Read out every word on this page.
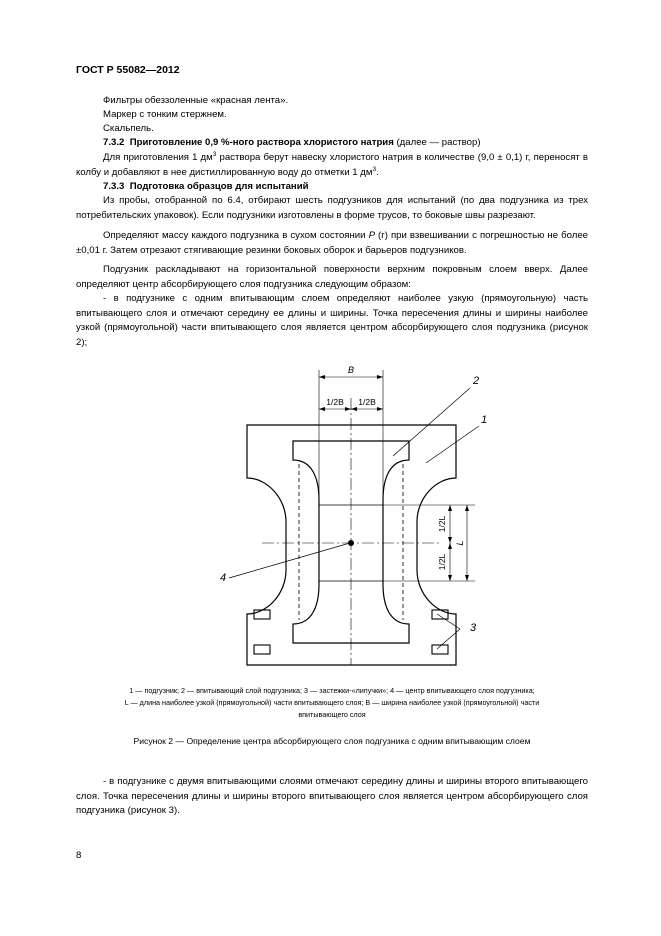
ГОСТ Р 55082—2012
Фильтры обеззоленные «красная лента».
Маркер с тонким стержнем.
Скальпель.
7.3.2 Приготовление 0,9 %-ного раствора хлористого натрия (далее — раствор)
Для приготовления 1 $дм^3$ раствора берут навеску хлористого натрия в количестве (9,0 ± 0,1) г, переносят в колбу и добавляют в нее дистиллированную воду до отметки 1 $дм^3$.
7.3.3 Подготовка образцов для испытаний
Из пробы, отобранной по 6.4, отбирают шесть подгузников для испытаний (по два подгузника из трех потребительских упаковок). Если подгузники изготовлены в форме трусов, то боковые швы разрезают.
Определяют массу каждого подгузника в сухом состоянии P (г) при взвешивании с погрешностью не более ±0,01 г. Затем отрезают стягивающие резинки боковых оборок и барьеров подгузников.
Подгузник раскладывают на горизонтальной поверхности верхним покровным слоем вверх. Далее определяют центр абсорбирующего слоя подгузника следующим образом:
- в подгузнике с одним впитывающим слоем определяют наиболее узкую (прямоугольную) часть впитывающего слоя и отмечают середину ее длины и ширины. Точка пересечения длины и ширины наиболее узкой (прямоугольной) части впитывающего слоя является центром абсорбирующего слоя подгузника (рисунок 2);
B
1/2B 1/2B
1/2L
1/2L
L
2
1
4
3
1 — подгузник; 2 — впитывающий слой подгузника; 3 — застежки-«липучки»; 4 — центр впитывающего слоя подгузника;
L — длина наиболее узкой (прямоугольной) части впитывающего слоя; B — ширина наиболее узкой (прямоугольной) части
впитывающего слоя
Рисунок 2 — Определение центра абсорбирующего слоя подгузника с одним впитывающим слоем
- в подгузнике с двумя впитывающими слоями отмечают середину длины и ширины второго впитывающего слоя. Точка пересечения длины и ширины второго впитывающего слоя является центром абсорбирующего слоя подгузника (рисунок 3).
8
